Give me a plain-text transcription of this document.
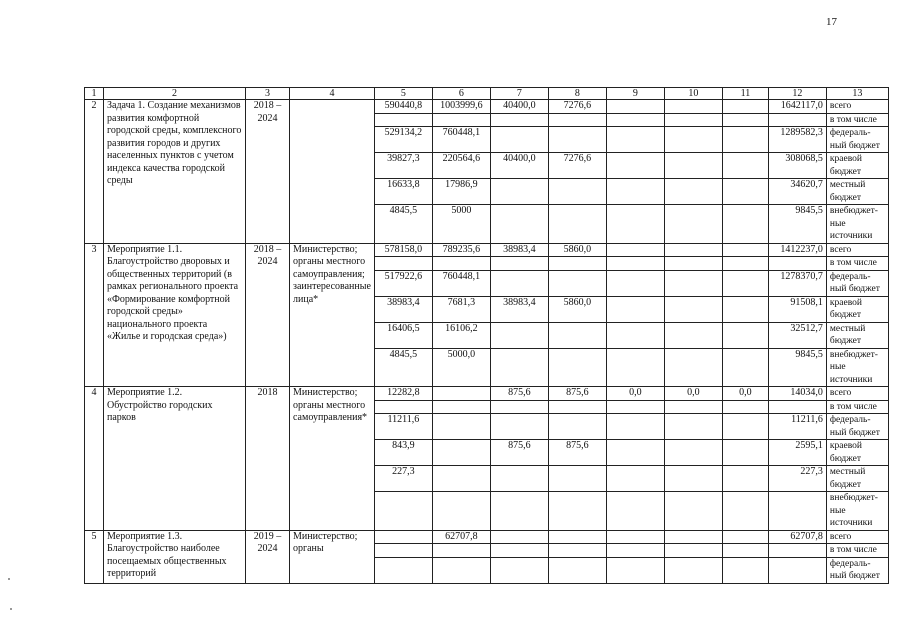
17
1	2	3	4	5	6	7	8	9	10	11	12	13
2	Задача 1. Создание механизмов развития комфортной городской среды, комплексного развития городов и других населенных пунктов с учетом индекса качества городской среды	2018 – 2024		590440,8	1003999,6	40400,0	7276,6				1642117,0	всего
												в том числе
				529134,2	760448,1						1289582,3	федераль-
ный бюджет
				39827,3	220564,6	40400,0	7276,6				308068,5	краевой
бюджет
				16633,8	17986,9						34620,7	местный
бюджет
				4845,5	5000						9845,5	внебюджет-
ные
источники
3	Мероприятие 1.1. Благоустройство дворовых и общественных территорий (в рамках регионального проекта «Формирование комфортной городской среды» национального проекта «Жилье и городская среда»)	2018 – 2024	Министерство; органы местного самоуправления; заинтересованные лица*	578158,0	789235,6	38983,4	5860,0				1412237,0	всего
												в том числе
				517922,6	760448,1						1278370,7	федераль-
ный бюджет
				38983,4	7681,3	38983,4	5860,0				91508,1	краевой
бюджет
				16406,5	16106,2						32512,7	местный
бюджет
				4845,5	5000,0						9845,5	внебюджет-
ные
источники
4	Мероприятие 1.2. Обустройство городских парков	2018	Министерство; органы местного самоуправления*	12282,8		875,6	875,6	0,0	0,0	0,0	14034,0	всего
												в том числе
				11211,6							11211,6	федераль-
ный бюджет
				843,9		875,6	875,6				2595,1	краевой
бюджет
				227,3							227,3	местный
бюджет
												внебюджет-
ные
источники
5	Мероприятие 1.3. Благоустройство наиболее посещаемых общественных территорий	2019 – 2024	Министерство; органы		62707,8						62707,8	всего
												в том числе
												федераль-
ный бюджет
